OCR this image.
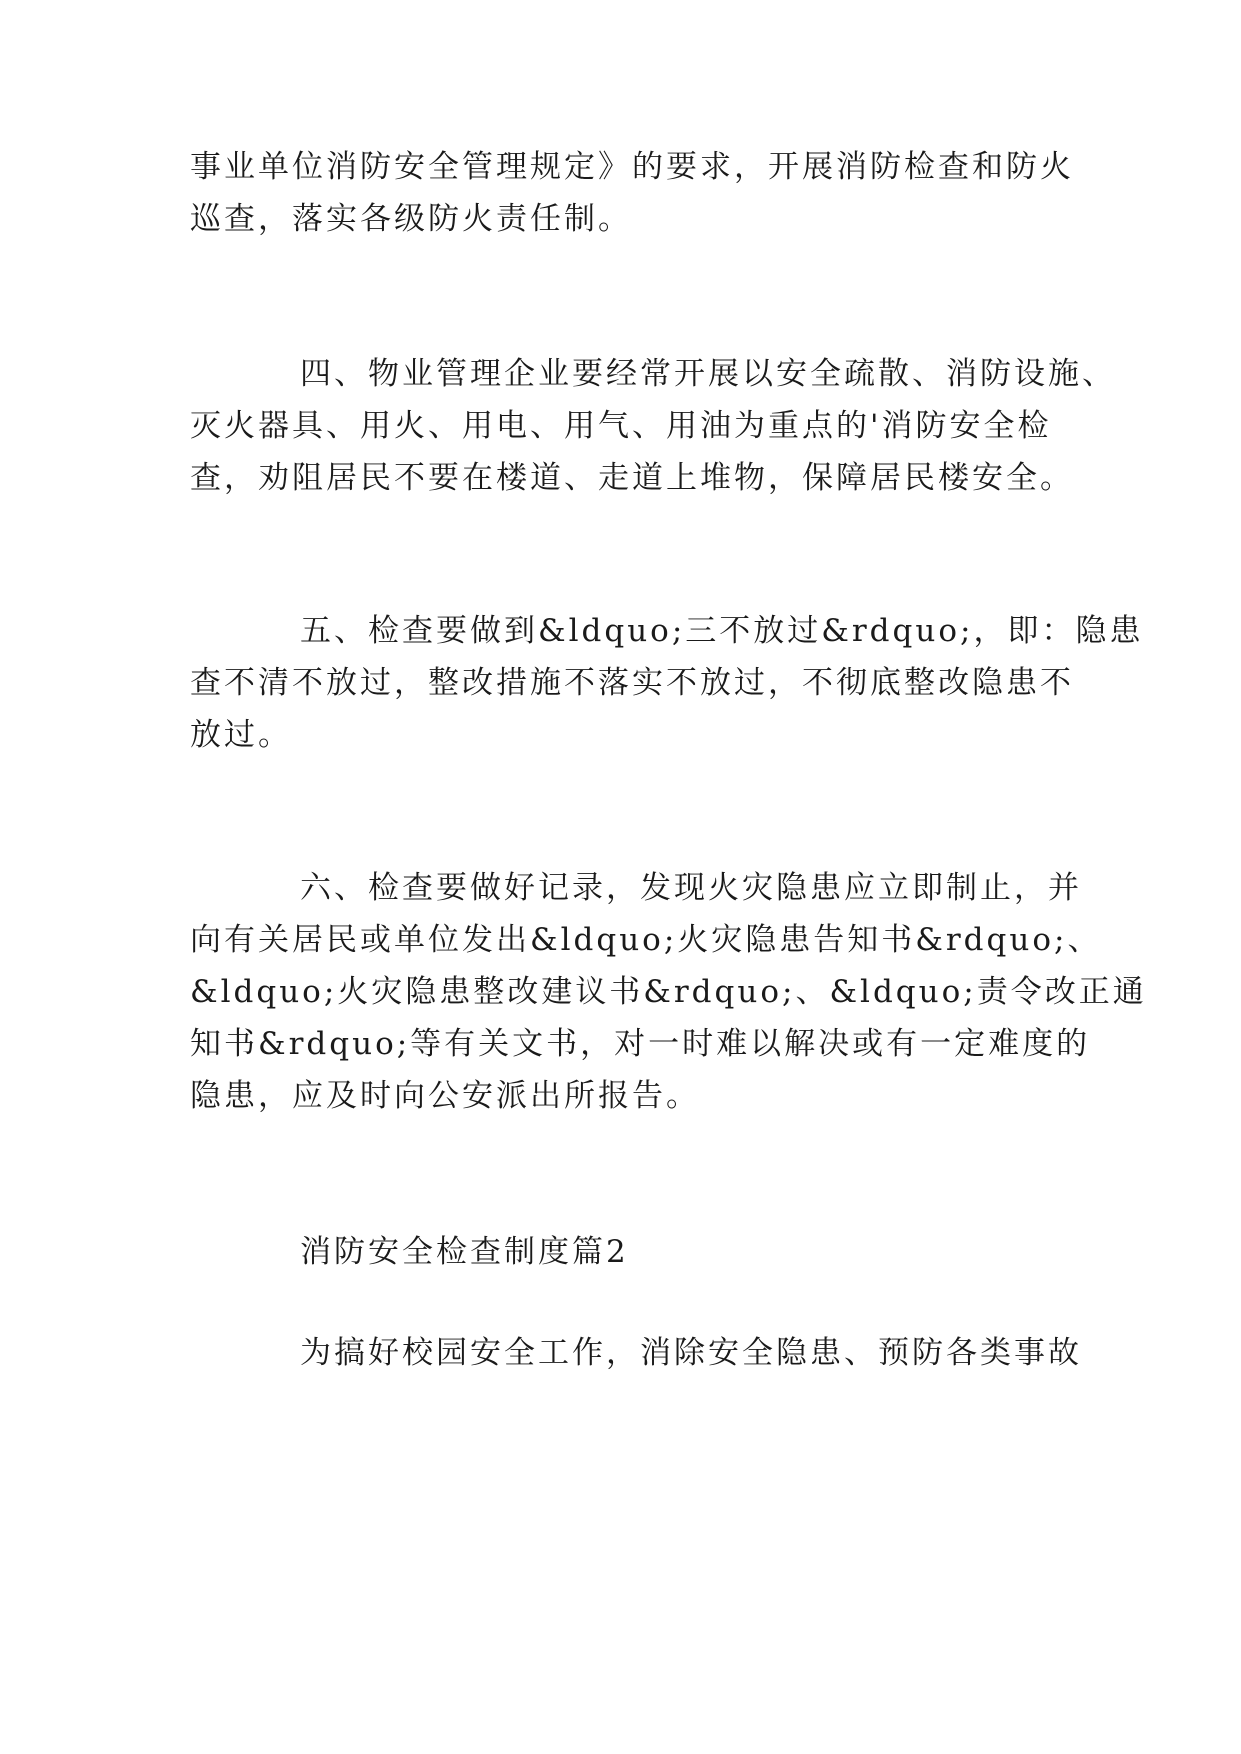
事业单位消防安全管理规定》的要求，开展消防检查和防火
巡查，落实各级防火责任制。
四、物业管理企业要经常开展以安全疏散、消防设施、
灭火器具、用火、用电、用气、用油为重点的'消防安全检
查，劝阻居民不要在楼道、走道上堆物，保障居民楼安全。
五、检查要做到&ldquo;三不放过&rdquo;，即：隐患
查不清不放过，整改措施不落实不放过，不彻底整改隐患不
放过。
六、检查要做好记录，发现火灾隐患应立即制止，并
向有关居民或单位发出&ldquo;火灾隐患告知书&rdquo;、
&ldquo;火灾隐患整改建议书&rdquo;、&ldquo;责令改正通
知书&rdquo;等有关文书，对一时难以解决或有一定难度的
隐患，应及时向公安派出所报告。
消防安全检查制度篇2
为搞好校园安全工作，消除安全隐患、预防各类事故
